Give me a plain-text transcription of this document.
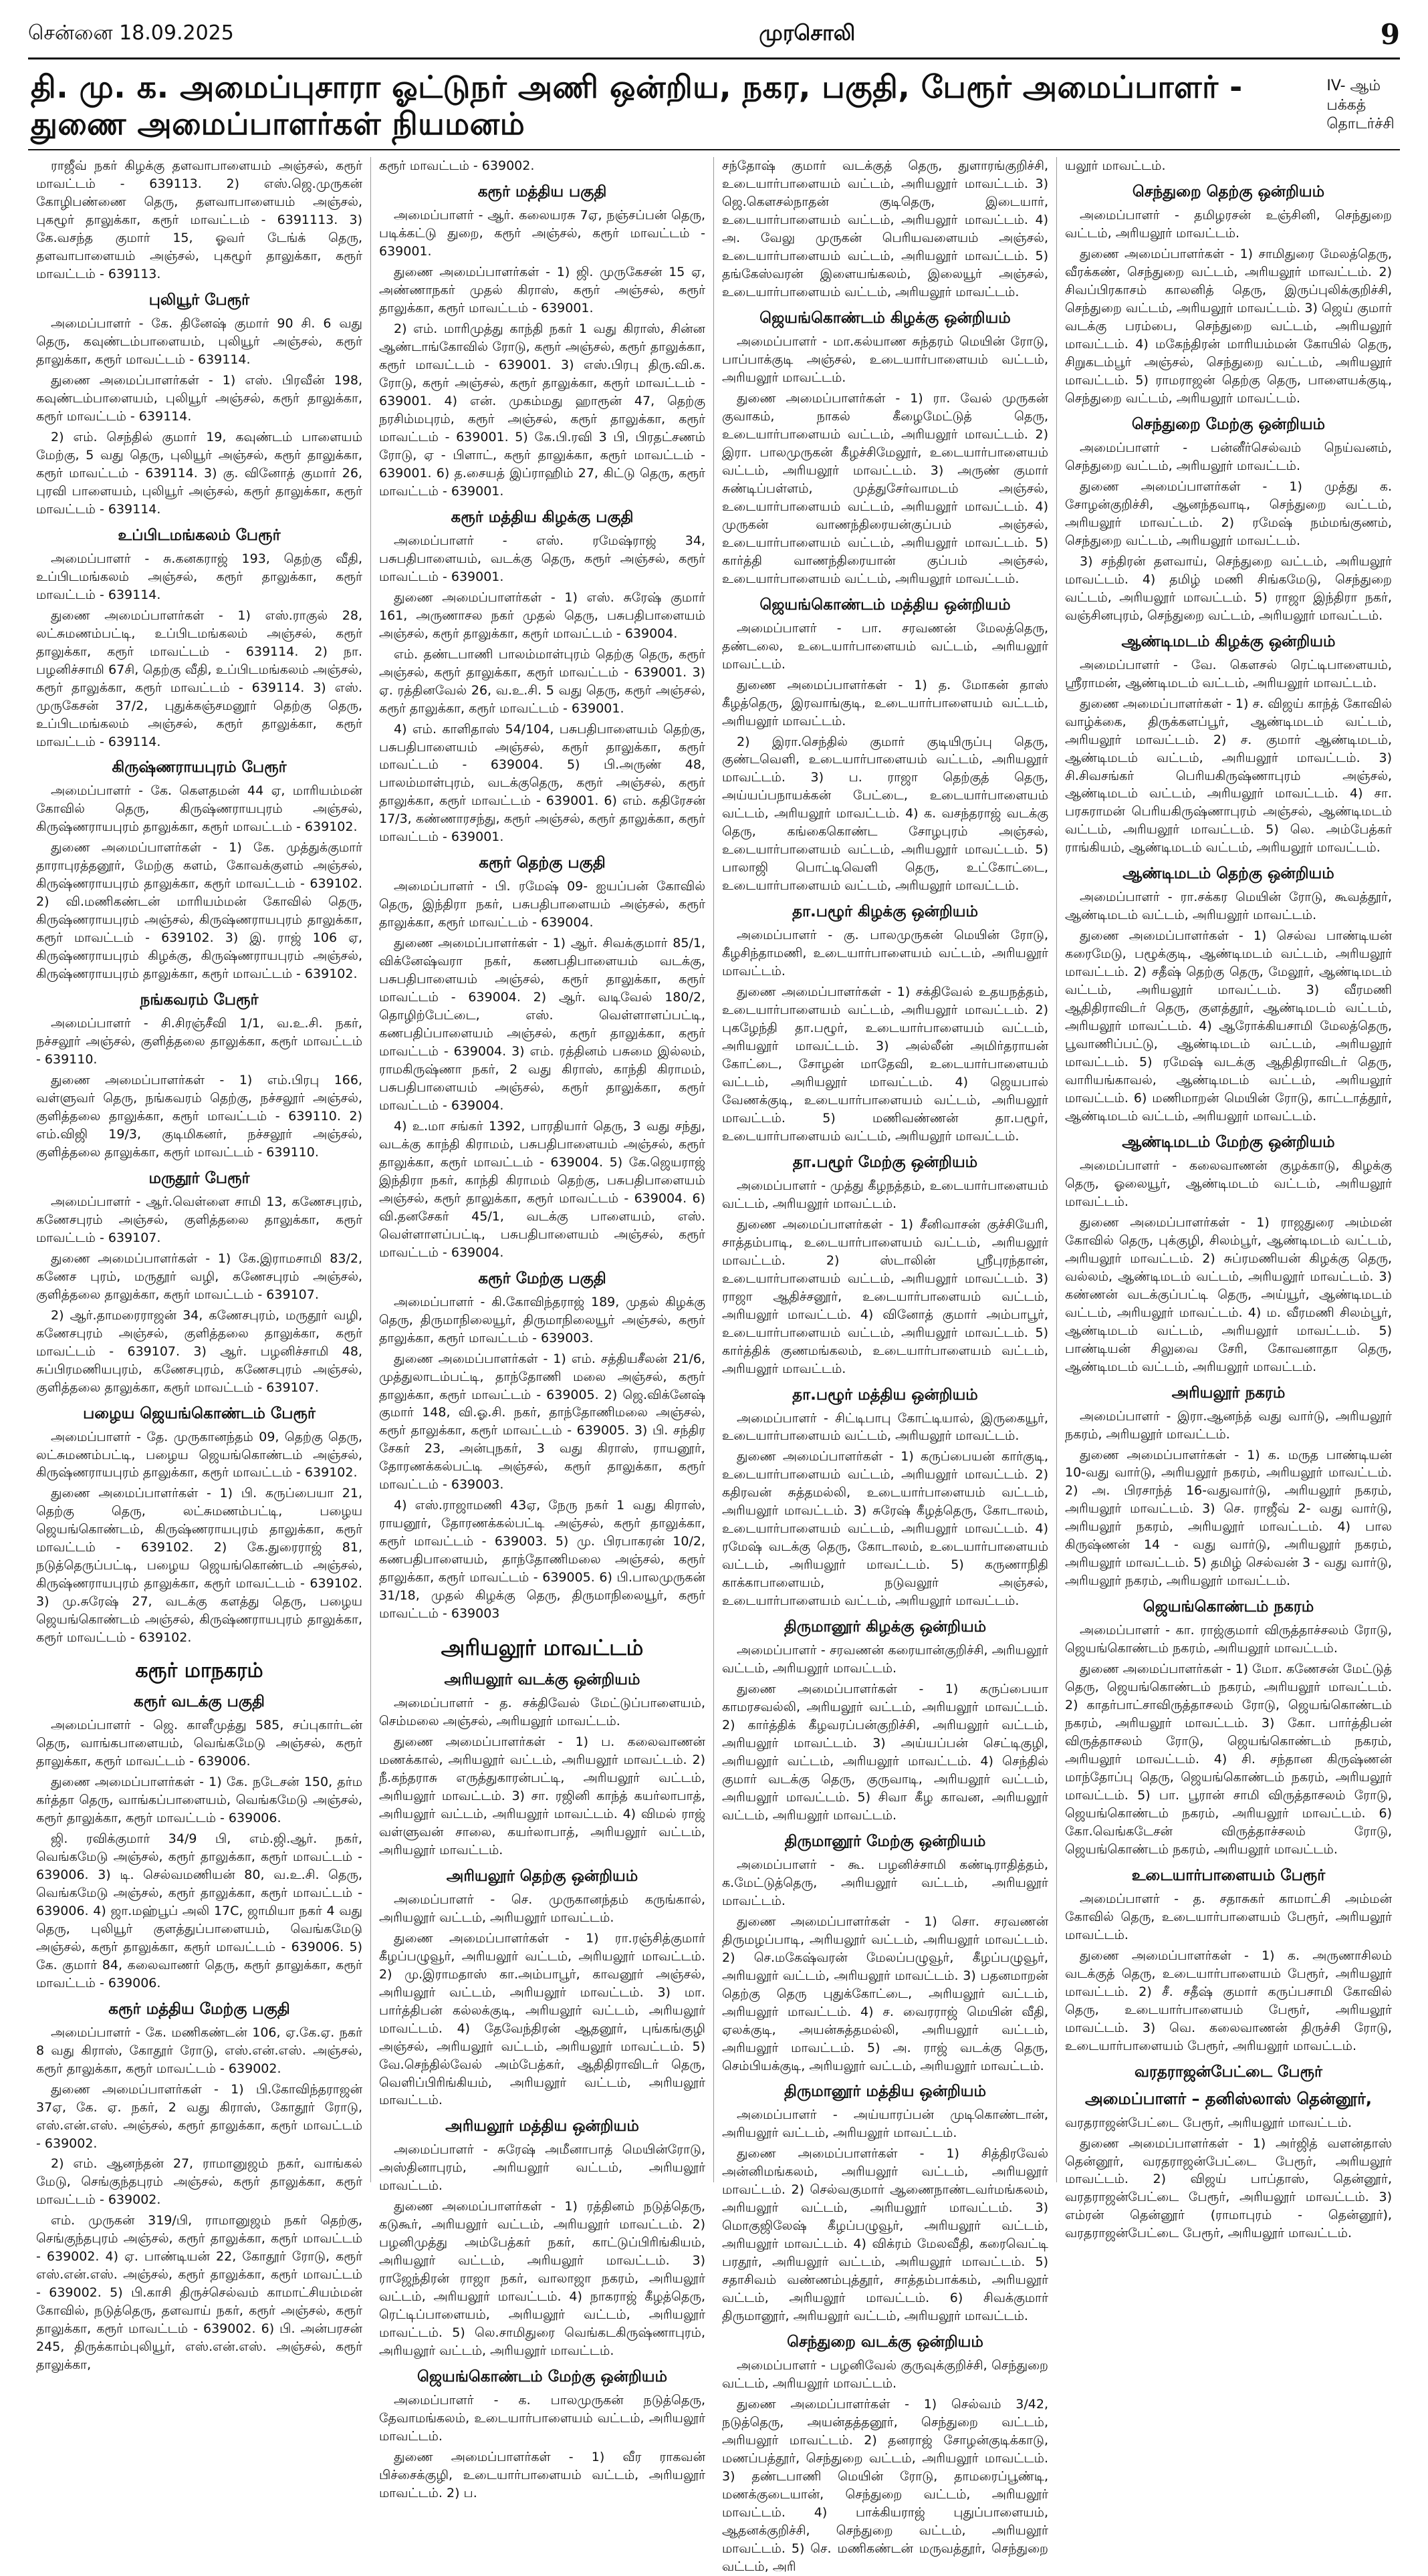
சென்னை 18.09.2025	முரசொலி	9
தி. மு. க. அமைப்புசாரா ஓட்டுநர் அணி ஒன்றிய, நகர, பகுதி, பேரூர் அமைப்பாளர் - துணை அமைப்பாளர்கள் நியமனம்
IV- ஆம் பக்கத் தொடர்ச்சி

ராஜீவ் நகர் கிழக்கு தளவாபாளையம் அஞ்சல், கரூர் மாவட்டம் - 639113. 2) எஸ்.ஜெ.முருகன் கோழிபண்ணை தெரு, தளவாபாளையம் அஞ்சல், புகழூர் தாலுக்கா, கரூர் மாவட்டம் - 6391113. 3) கே.வசந்த குமார் 15, ஓவர் டேங்க் தெரு, தளவாபாளையம் அஞ்சல், புகழூர் தாலுக்கா, கரூர் மாவட்டம் - 639113.

புலியூர் பேரூர்

அமைப்பாளர் - கே. தினேஷ் குமார் 90 சி. 6 வது தெரு, கவுண்டம்பாளையம், புலியூர் அஞ்சல், கரூர் தாலுக்கா, கரூர் மாவட்டம் - 639114.

துணை அமைப்பாளர்கள் - 1) எஸ். பிரவீன் 198, கவுண்டம்பாளையம், புலியூர் அஞ்சல், கரூர் தாலுக்கா, கரூர் மாவட்டம் - 639114.

2) எம். செந்தில் குமார் 19, கவுண்டம் பாளையம் மேற்கு, 5 வது தெரு, புலியூர் அஞ்சல், கரூர் தாலுக்கா, கரூர் மாவட்டம் - 639114. 3) கு. வினோத் குமார் 26, புரவி பாளையம், புலியூர் அஞ்சல், கரூர் தாலுக்கா, கரூர் மாவட்டம் - 639114.

உப்பிடமங்கலம் பேரூர்

அமைப்பாளர் - சு.கனகராஜ் 193, தெற்கு வீதி, உப்பிடமங்கலம் அஞ்சல், கரூர் தாலுக்கா, கரூர் மாவட்டம் - 639114.

துணை அமைப்பாளர்கள் - 1) எஸ்.ராகுல் 28, லட்சுமணம்பட்டி, உப்பிடமங்கலம் அஞ்சல், கரூர் தாலுக்கா, கரூர் மாவட்டம் - 639114. 2) நா. பழனிச்சாமி 67சி, தெற்கு வீதி, உப்பிடமங்கலம் அஞ்சல், கரூர் தாலுக்கா, கரூர் மாவட்டம் - 639114. 3) எஸ். முருகேசன் 37/2, புதுக்கஞ்சமனூர் தெற்கு தெரு, உப்பிடமங்கலம் அஞ்சல், கரூர் தாலுக்கா, கரூர் மாவட்டம் - 639114.

கிருஷ்ணராயபுரம் பேரூர்

அமைப்பாளர் - கே. கௌதமன் 44 ஏ, மாரியம்மன் கோவில் தெரு, கிருஷ்ணராயபுரம் அஞ்சல், கிருஷ்ணராயபுரம் தாலுக்கா, கரூர் மாவட்டம் - 639102.

துணை அமைப்பாளர்கள் - 1) கே. முத்துக்குமார் தாராபுரத்தனூர், மேற்கு களம், கோவக்குளம் அஞ்சல், கிருஷ்ணராயபுரம் தாலுக்கா, கரூர் மாவட்டம் - 639102. 2) வி.மணிகண்டன் மாரியம்மன் கோவில் தெரு, கிருஷ்ணராயபுரம் அஞ்சல், கிருஷ்ணராயபுரம் தாலுக்கா, கரூர் மாவட்டம் - 639102. 3) இ. ராஜ் 106 ஏ, கிருஷ்ணராயபுரம் கிழக்கு, கிருஷ்ணராயபுரம் அஞ்சல், கிருஷ்ணராயபுரம் தாலுக்கா, கரூர் மாவட்டம் - 639102.

நங்கவரம் பேரூர்

அமைப்பாளர் - சி.சிரஞ்சீவி 1/1, வ.உ.சி. நகர், நச்சலூர் அஞ்சல், குளித்தலை தாலுக்கா, கரூர் மாவட்டம் - 639110.

துணை அமைப்பாளர்கள் - 1) எம்.பிரபு 166, வள்ளுவர் தெரு, நங்கவரம் தெற்கு, நச்சலூர் அஞ்சல், குளித்தலை தாலுக்கா, கரூர் மாவட்டம் - 639110. 2) எம்.விஜி 19/3, குடிமிகனர், நச்சலூர் அஞ்சல், குளித்தலை தாலுக்கா, கரூர் மாவட்டம் - 639110.

மருதூர் பேரூர்

அமைப்பாளர் - ஆர்.வெள்ளை சாமி 13, கணேசபுரம், கணேசபுரம் அஞ்சல், குளித்தலை தாலுக்கா, கரூர் மாவட்டம் - 639107.

துணை அமைப்பாளர்கள் - 1) கே.இராமசாமி 83/2, கணேச புரம், மருதூர் வழி, கணேசபுரம் அஞ்சல், குளித்தலை தாலுக்கா, கரூர் மாவட்டம் - 639107.

2) ஆர்.தாமரைராஜன் 34, கணேசபுரம், மருதூர் வழி, கணேசபுரம் அஞ்சல், குளித்தலை தாலுக்கா, கரூர் மாவட்டம் - 639107. 3) ஆர். பழனிச்சாமி 48, சுப்பிரமணியபுரம், கணேசபுரம், கணேசபுரம் அஞ்சல், குளித்தலை தாலுக்கா, கரூர் மாவட்டம் - 639107.

பழைய ஜெயங்கொண்டம் பேரூர்

அமைப்பாளர் - தே. முருகானந்தம் 09, தெற்கு தெரு, லட்சுமணம்பட்டி, பழைய ஜெயங்கொண்டம் அஞ்சல், கிருஷ்ணராயபுரம் தாலுக்கா, கரூர் மாவட்டம் - 639102.

துணை அமைப்பாளர்கள் - 1) பி. கருப்பையா 21, தெற்கு தெரு, லட்சுமணம்பட்டி, பழைய ஜெயங்கொண்டம், கிருஷ்ணராயபுரம் தாலுக்கா, கரூர் மாவட்டம் - 639102. 2) கே.துரைராஜ் 81, நடுத்தெருப்பட்டி, பழைய ஜெயங்கொண்டம் அஞ்சல், கிருஷ்ணராயபுரம் தாலுக்கா, கரூர் மாவட்டம் - 639102. 3) மு.சுரேஷ் 27, வடக்கு களத்து தெரு, பழைய ஜெயங்கொண்டம் அஞ்சல், கிருஷ்ணராயபுரம் தாலுக்கா, கரூர் மாவட்டம் - 639102.

கரூர் மாநகரம்
கரூர் வடக்கு பகுதி

அமைப்பாளர் - ஜெ. காளீமுத்து 585, சப்புகார்டன் தெரு, வாங்கபாளையம், வெங்கமேடு அஞ்சல், கரூர் தாலுக்கா, கரூர் மாவட்டம் - 639006.

துணை அமைப்பாளர்கள் - 1) கே. நடேசன் 150, தர்ம கர்த்தா தெரு, வாங்கப்பாளையம், வெங்கமேடு அஞ்சல், கரூர் தாலுக்கா, கரூர் மாவட்டம் - 639006.

ஜி. ரவிக்குமார் 34/9 பி, எம்.ஜி.ஆர். நகர், வெங்கமேடு அஞ்சல், கரூர் தாலுக்கா, கரூர் மாவட்டம் - 639006. 3) டி. செல்வமணியன் 80, வ.உ.சி. தெரு, வெங்கமேடு அஞ்சல், கரூர் தாலுக்கா, கரூர் மாவட்டம் - 639006. 4) ஜா.மஹ்பூப் அலி 17C, ஜாமியா நகர் 4 வது தெரு, புலியூர் குளத்துப்பாளையம், வெங்கமேடு அஞ்சல், கரூர் தாலுக்கா, கரூர் மாவட்டம் - 639006. 5) கே. குமார் 84, கலைவாணர் தெரு, கரூர் தாலுக்கா, கரூர் மாவட்டம் - 639006.

கரூர் மத்திய மேற்கு பகுதி

அமைப்பாளர் - கே. மணிகண்டன் 106, ஏ.கே.ஏ. நகர் 8 வது கிராஸ், கோதூர் ரோடு, எஸ்.என்.எஸ். அஞ்சல், கரூர் தாலுக்கா, கரூர் மாவட்டம் - 639002.

துணை அமைப்பாளர்கள் - 1) பி.கோவிந்தராஜன் 37ஏ, கே. ஏ. நகர், 2 வது கிராஸ், கோதூர் ரோடு, எஸ்.என்.எஸ். அஞ்சல், கரூர் தாலுக்கா, கரூர் மாவட்டம் - 639002.

2) எம். ஆனந்தன் 27, ராமானுஜம் நகர், வாங்கல் மேடு, செங்குந்தபுரம் அஞ்சல், கரூர் தாலுக்கா, கரூர் மாவட்டம் - 639002.

எம். முருகன் 319/பி, ராமானுஜம் நகர் தெற்கு, செங்குந்தபுரம் அஞ்சல், கரூர் தாலுக்கா, கரூர் மாவட்டம் - 639002. 4) ஏ. பாண்டியன் 22, கோதூர் ரோடு, கரூர் எஸ்.என்.எஸ். அஞ்சல், கரூர் தாலுக்கா, கரூர் மாவட்டம் - 639002. 5) பி.காசி திருச்செல்வம் காமாட்சியம்மன் கோவில், நடுத்தெரு, தளவாய் நகர், கரூர் அஞ்சல், கரூர் தாலுக்கா, கரூர் மாவட்டம் - 639002. 6) பி. அன்பரசன் 245, திருக்காம்புலியூர், எஸ்.என்.எஸ். அஞ்சல், கரூர் தாலுக்கா,

கரூர் மாவட்டம் - 639002.

கரூர் மத்திய பகுதி

அமைப்பாளர் - ஆர். கலையரசு 7ஏ, நஞ்சப்பன் தெரு, படிக்கட்டு துறை, கரூர் அஞ்சல், கரூர் மாவட்டம் - 639001.

துணை அமைப்பாளர்கள் - 1) ஜி. முருகேசன் 15 ஏ, அண்ணாநகர் முதல் கிராஸ், கரூர் அஞ்சல், கரூர் தாலுக்கா, கரூர் மாவட்டம் - 639001.

2) எம். மாரிமுத்து காந்தி நகர் 1 வது கிராஸ், சின்ன ஆண்டாங்கோவில் ரோடு, கரூர் அஞ்சல், கரூர் தாலுக்கா, கரூர் மாவட்டம் - 639001. 3) எஸ்.பிரபு திரு.வி.க. ரோடு, கரூர் அஞ்சல், கரூர் தாலுக்கா, கரூர் மாவட்டம் - 639001. 4) என். முகம்மது ஹாரூன் 47, தெற்கு நரசிம்மபுரம், கரூர் அஞ்சல், கரூர் தாலுக்கா, கரூர் மாவட்டம் - 639001. 5) கே.பி.ரவி 3 பி, பிரதட்சணம் ரோடு, ஏ - பிளாட், கரூர் தாலுக்கா, கரூர் மாவட்டம் - 639001. 6) த.சையத் இப்ராஹிம் 27, கிட்டு தெரு, கரூர் மாவட்டம் - 639001.

கரூர் மத்திய கிழக்கு பகுதி

அமைப்பாளர் - எஸ். ரமேஷ்ராஜ் 34, பசுபதிபாளையம், வடக்கு தெரு, கரூர் அஞ்சல், கரூர் மாவட்டம் - 639001.

துணை அமைப்பாளர்கள் - 1) எஸ். சுரேஷ் குமார் 161, அருணாசல நகர் முதல் தெரு, பசுபதிபாளையம் அஞ்சல், கரூர் தாலுக்கா, கரூர் மாவட்டம் - 639004.

எம். தண்டபாணி பாலம்மாள்புரம் தெற்கு தெரு, கரூர் அஞ்சல், கரூர் தாலுக்கா, கரூர் மாவட்டம் - 639001. 3) ஏ. ரத்தினவேல் 26, வ.உ.சி. 5 வது தெரு, கரூர் அஞ்சல், கரூர் தாலுக்கா, கரூர் மாவட்டம் - 639001.

4) எம். காளிதாஸ் 54/104, பசுபதிபாளையம் தெற்கு, பசுபதிபாளையம் அஞ்சல், கரூர் தாலுக்கா, கரூர் மாவட்டம் - 639004. 5) பி.அருண் 48, பாலம்மாள்புரம், வடக்குதெரு, கரூர் அஞ்சல், கரூர் தாலுக்கா, கரூர் மாவட்டம் - 639001. 6) எம். கதிரேசன் 17/3, கண்ணாரசந்து, கரூர் அஞ்சல், கரூர் தாலுக்கா, கரூர் மாவட்டம் - 639001.

கரூர் தெற்கு பகுதி

அமைப்பாளர் - பி. ரமேஷ் 09- ஐயப்பன் கோவில் தெரு, இந்திரா நகர், பசுபதிபாளையம் அஞ்சல், கரூர் தாலுக்கா, கரூர் மாவட்டம் - 639004.

துணை அமைப்பாளர்கள் - 1) ஆர். சிவக்குமார் 85/1, விக்னேஷ்வரா நகர், கணபதிபாளையம் வடக்கு, பசுபதிபாளையம் அஞ்சல், கரூர் தாலுக்கா, கரூர் மாவட்டம் - 639004. 2) ஆர். வடிவேல் 180/2, தொழிற்பேட்டை, எஸ். வெள்ளாளப்பட்டி, கணபதிப்பாளையம் அஞ்சல், கரூர் தாலுக்கா, கரூர் மாவட்டம் - 639004. 3) எம். ரத்தினம் பசுமை இல்லம், ராமகிருஷ்ணா நகர், 2 வது கிராஸ், காந்தி கிராமம், பசுபதிபாளையம் அஞ்சல், கரூர் தாலுக்கா, கரூர் மாவட்டம் - 639004.

4) உ.மா சங்கர் 1392, பாரதியார் தெரு, 3 வது சந்து, வடக்கு காந்தி கிராமம், பசுபதிபாளையம் அஞ்சல், கரூர் தாலுக்கா, கரூர் மாவட்டம் - 639004. 5) கே.ஜெயராஜ் இந்திரா நகர், காந்தி கிராமம் தெற்கு, பசுபதிபாளையம் அஞ்சல், கரூர் தாலுக்கா, கரூர் மாவட்டம் - 639004. 6) வி.தனசேகர் 45/1, வடக்கு பாளையம், எஸ். வெள்ளாளப்பட்டி, பசுபதிபாளையம் அஞ்சல், கரூர் மாவட்டம் - 639004.

கரூர் மேற்கு பகுதி

அமைப்பாளர் - கி.கோவிந்தராஜ் 189, முதல் கிழக்கு தெரு, திருமாநிலையூர், திருமாநிலையூர் அஞ்சல், கரூர் தாலுக்கா, கரூர் மாவட்டம் - 639003.

துணை அமைப்பாளர்கள் - 1) எம். சத்தியசீலன் 21/6, முத்துலாடம்பட்டி, தாந்தோணி மலை அஞ்சல், கரூர் தாலுக்கா, கரூர் மாவட்டம் - 639005. 2) ஜெ.விக்னேஷ் குமார் 148, வி.ஓ.சி. நகர், தாந்தோணிமலை அஞ்சல், கரூர் தாலுக்கா, கரூர் மாவட்டம் - 639005. 3) பி. சந்திர சேகர் 23, அன்புநகர், 3 வது கிராஸ், ராயனூர், தோரணக்கல்பட்டி அஞ்சல், கரூர் தாலுக்கா, கரூர் மாவட்டம் - 639003.

4) எஸ்.ராஜாமணி 43ஏ, நேரு நகர் 1 வது கிராஸ், ராயனூர், தோரணக்கல்பட்டி அஞ்சல், கரூர் தாலுக்கா, கரூர் மாவட்டம் - 639003. 5) மு. பிரபாகரன் 10/2, கணபதிபாளையம், தாந்தோணிமலை அஞ்சல், கரூர் தாலுக்கா, கரூர் மாவட்டம் - 639005. 6) பி.பாலமுருகன் 31/18, முதல் கிழக்கு தெரு, திருமாநிலையூர், கரூர் மாவட்டம் - 639003

அரியலூர் மாவட்டம்
அரியலூர் வடக்கு ஒன்றியம்

அமைப்பாளர் - த. சக்திவேல் மேட்டுப்பாளையம், செம்மலை அஞ்சல், அரியலூர் மாவட்டம்.

துணை அமைப்பாளர்கள் - 1) ப. கலைவாணன் மணக்கால், அரியலூர் வட்டம், அரியலூர் மாவட்டம். 2) நீ.கந்தராசு எருத்துகாரன்பட்டி, அரியலூர் வட்டம், அரியலூர் மாவட்டம். 3) சா. ரஜினி காந்த் கயர்லாபாத், அரியலூர் வட்டம், அரியலூர் மாவட்டம். 4) விமல் ராஜ் வள்ளுவன் சாலை, கயர்லாபாத், அரியலூர் வட்டம், அரியலூர் மாவட்டம்.

அரியலூர் தெற்கு ஒன்றியம்

அமைப்பாளர் - செ. முருகானந்தம் கருங்கால், அரியலூர் வட்டம், அரியலூர் மாவட்டம்.

துணை அமைப்பாளர்கள் - 1) ரா.ரஞ்சித்குமார் கீழப்பழுவூர், அரியலூர் வட்டம், அரியலூர் மாவட்டம். 2) மு.இராமதாஸ் கா.அம்பாபூர், காவனூர் அஞ்சல், அரியலூர் வட்டம், அரியலூர் மாவட்டம். 3) மா. பார்த்திபன் கல்லக்குடி, அரியலூர் வட்டம், அரியலூர் மாவட்டம். 4) தேவேந்திரன் ஆதனூர், புங்கங்குழி அஞ்சல், அரியலூர் வட்டம், அரியலூர் மாவட்டம். 5) வே.செந்தில்வேல் அம்பேத்கர், ஆதிதிராவிடர் தெரு, வெளிப்பிரிங்கியம், அரியலூர் வட்டம், அரியலூர் மாவட்டம்.

அரியலூர் மத்திய ஒன்றியம்

அமைப்பாளர் - சுரேஷ் அமீனாபாத் மெயின்ரோடு, அஸ்தினாபுரம், அரியலூர் வட்டம், அரியலூர் மாவட்டம்.

துணை அமைப்பாளர்கள் - 1) ரத்தினம் நடுத்தெரு, கடுகூர், அரியலூர் வட்டம், அரியலூர் மாவட்டம். 2) பழனிமுத்து அம்பேத்கர் நகர், காட்டுப்பிரிங்கியம், அரியலூர் வட்டம், அரியலூர் மாவட்டம். 3) ராஜேந்திரன் ராஜா நகர், வாலாஜா நகரம், அரியலூர் வட்டம், அரியலூர் மாவட்டம். 4) நாகராஜ் கீழத்தெரு, ரெட்டிப்பாளையம், அரியலூர் வட்டம், அரியலூர் மாவட்டம். 5) லெ.சாமிதுரை வெங்கடகிருஷ்ணாபுரம், அரியலூர் வட்டம், அரியலூர் மாவட்டம்.

ஜெயங்கொண்டம் மேற்கு ஒன்றியம்

அமைப்பாளர் - க. பாலமுருகன் நடுத்தெரு, தேவாமங்கலம், உடையார்பாளையம் வட்டம், அரியலூர் மாவட்டம்.

துணை அமைப்பாளர்கள் - 1) வீர ராகவன் பிச்சைக்குழி, உடையார்பாளையம் வட்டம், அரியலூர் மாவட்டம். 2) ப.

சந்தோஷ் குமார் வடக்குத் தெரு, துளாரங்குறிச்சி, உடையார்பாளையம் வட்டம், அரியலூர் மாவட்டம். 3) ஜெ.கௌசல்நாதன் குடிதெரு, இடையார், உடையார்பாளையம் வட்டம், அரியலூர் மாவட்டம். 4) அ. வேலு முருகன் பெரியவளையம் அஞ்சல், உடையார்பாளையம் வட்டம், அரியலூர் மாவட்டம். 5) தங்கேஸ்வரன் இளையங்கலம், இலையூர் அஞ்சல், உடையார்பாளையம் வட்டம், அரியலூர் மாவட்டம்.

ஜெயங்கொண்டம் கிழக்கு ஒன்றியம்

அமைப்பாளர் - மா.கல்யாண சுந்தரம் மெயின் ரோடு, பாப்பாக்குடி அஞ்சல், உடையார்பாளையம் வட்டம், அரியலூர் மாவட்டம்.

துணை அமைப்பாளர்கள் - 1) ரா. வேல் முருகன் குவாகம், நாகல் கீழைமேட்டுத் தெரு, உடையார்பாளையம் வட்டம், அரியலூர் மாவட்டம். 2) இரா. பாலமுருகன் கீழச்சிமேலூர், உடையார்பாளையம் வட்டம், அரியலூர் மாவட்டம். 3) அருண் குமார் சுண்டிப்பள்ளம், முத்துசேர்வாமடம் அஞ்சல், உடையார்பாளையம் வட்டம், அரியலூர் மாவட்டம். 4) முருகன் வாணந்திரையன்குப்பம் அஞ்சல், உடையார்பாளையம் வட்டம், அரியலூர் மாவட்டம். 5) கார்த்தி வாணந்திரையான் குப்பம் அஞ்சல், உடையார்பாளையம் வட்டம், அரியலூர் மாவட்டம்.

ஜெயங்கொண்டம் மத்திய ஒன்றியம்

அமைப்பாளர் - பா. சரவணன் மேலத்தெரு, தண்டலை, உடையார்பாளையம் வட்டம், அரியலூர் மாவட்டம்.

துணை அமைப்பாளர்கள் - 1) த. மோகன் தாஸ் கீழத்தெரு, இரவாங்குடி, உடையார்பாளையம் வட்டம், அரியலூர் மாவட்டம்.

2) இரா.செந்தில் குமார் குடியிருப்பு தெரு, குண்டவெளி, உடையார்பாளையம் வட்டம், அரியலூர் மாவட்டம். 3) ப. ராஜா தெற்குத் தெரு, அய்யப்பநாயக்கன் பேட்டை, உடையார்பாளையம் வட்டம், அரியலூர் மாவட்டம். 4) க. வசந்தராஜ் வடக்கு தெரு, கங்கைகொண்ட சோழபுரம் அஞ்சல், உடையார்பாளையம் வட்டம், அரியலூர் மாவட்டம். 5) பாலாஜி பொட்டிவெளி தெரு, உட்கோட்டை, உடையார்பாளையம் வட்டம், அரியலூர் மாவட்டம்.

தா.பழூர் கிழக்கு ஒன்றியம்

அமைப்பாளர் - கு. பாலமுருகன் மெயின் ரோடு, கீழசிந்தாமணி, உடையார்பாளையம் வட்டம், அரியலூர் மாவட்டம்.

துணை அமைப்பாளர்கள் - 1) சக்திவேல் உதயநத்தம், உடையார்பாளையம் வட்டம், அரியலூர் மாவட்டம். 2) புகழேந்தி தா.பழூர், உடையார்பாளையம் வட்டம், அரியலூர் மாவட்டம். 3) அல்லீன் அமிர்தராயன் கோட்டை, சோழன் மாதேவி, உடையார்பாளையம் வட்டம், அரியலூர் மாவட்டம். 4) ஜெயபால் வேணக்குடி, உடையார்பாளையம் வட்டம், அரியலூர் மாவட்டம். 5) மணிவண்ணன் தா.பழூர், உடையார்பாளையம் வட்டம், அரியலூர் மாவட்டம்.

தா.பழூர் மேற்கு ஒன்றியம்

அமைப்பாளர் - முத்து கீழநத்தம், உடையார்பாளையம் வட்டம், அரியலூர் மாவட்டம்.

துணை அமைப்பாளர்கள் - 1) சீனிவாசன் குச்சியேரி, சாத்தம்பாடி, உடையார்பாளையம் வட்டம், அரியலூர் மாவட்டம். 2) ஸ்டாலின் ஸ்ரீபுரந்தான், உடையார்பாளையம் வட்டம், அரியலூர் மாவட்டம். 3) ராஜா ஆதிச்சனூர், உடையார்பாளையம் வட்டம், அரியலூர் மாவட்டம். 4) வினோத் குமார் அம்பாபூர், உடையார்பாளையம் வட்டம், அரியலூர் மாவட்டம். 5) கார்த்திக் குணமங்கலம், உடையார்பாளையம் வட்டம், அரியலூர் மாவட்டம்.

தா.பழூர் மத்திய ஒன்றியம்

அமைப்பாளர் - சிட்டிபாபு கோட்டியால், இருகையூர், உடையார்பாளையம் வட்டம், அரியலூர் மாவட்டம்.

துணை அமைப்பாளர்கள் - 1) கருப்பையன் கார்குடி, உடையார்பாளையம் வட்டம், அரியலூர் மாவட்டம். 2) கதிரவன் சுத்தமல்லி, உடையார்பாளையம் வட்டம், அரியலூர் மாவட்டம். 3) சுரேஷ் கீழத்தெரு, கோடாலம், உடையார்பாளையம் வட்டம், அரியலூர் மாவட்டம். 4) ரமேஷ் வடக்கு தெரு, கோடாலம், உடையார்பாளையம் வட்டம், அரியலூர் மாவட்டம். 5) கருணாநிதி காக்காபாளையம், நடுவலூர் அஞ்சல், உடையார்பாளையம் வட்டம், அரியலூர் மாவட்டம்.

திருமானூர் கிழக்கு ஒன்றியம்

அமைப்பாளர் - சரவணன் கரையான்குறிச்சி, அரியலூர் வட்டம், அரியலூர் மாவட்டம்.

துணை அமைப்பாளர்கள் - 1) கருப்பையா காமரசவல்லி, அரியலூர் வட்டம், அரியலூர் மாவட்டம். 2) கார்த்திக் கீழவரப்பன்குறிச்சி, அரியலூர் வட்டம், அரியலூர் மாவட்டம். 3) அய்யப்பன் செட்டிகுழி, அரியலூர் வட்டம், அரியலூர் மாவட்டம். 4) செந்தில் குமார் வடக்கு தெரு, குருவாடி, அரியலூர் வட்டம், அரியலூர் மாவட்டம். 5) சிவா கீழ காவன, அரியலூர் வட்டம், அரியலூர் மாவட்டம்.

திருமானூர் மேற்கு ஒன்றியம்

அமைப்பாளர் - கூ. பழனிச்சாமி கண்டிராதித்தம், க.மேட்டுத்தெரு, அரியலூர் வட்டம், அரியலூர் மாவட்டம்.

துணை அமைப்பாளர்கள் - 1) சொ. சரவணன் திருமழப்பாடி, அரியலூர் வட்டம், அரியலூர் மாவட்டம். 2) செ.மகேஷ்வரன் மேலப்பழுவூர், கீழப்பழுவூர், அரியலூர் வட்டம், அரியலூர் மாவட்டம். 3) பதனமாறன் தெற்கு தெரு புதுக்கோட்டை, அரியலூர் வட்டம், அரியலூர் மாவட்டம். 4) ச. வைரராஜ் மெயின் வீதி, ஏலக்குடி, அயன்சுத்தமல்லி, அரியலூர் வட்டம், அரியலூர் மாவட்டம். 5) அ. ராஜ் வடக்கு தெரு, செம்பியக்குடி, அரியலூர் வட்டம், அரியலூர் மாவட்டம்.

திருமானூர் மத்திய ஒன்றியம்

அமைப்பாளர் - அய்யாரப்பன் முடிகொண்டான், அரியலூர் வட்டம், அரியலூர் மாவட்டம்.

துணை அமைப்பாளர்கள் - 1) சித்திரவேல் அன்னிமங்கலம், அரியலூர் வட்டம், அரியலூர் மாவட்டம். 2) செல்வகுமார் ஆணைநாண்டவர்மங்கலம், அரியலூர் வட்டம், அரியலூர் மாவட்டம். 3) மொகுஜிலேஷ் கீழப்பழுவூர், அரியலூர் வட்டம், அரியலூர் மாவட்டம். 4) விக்ரம் மேலவீதி, கரைவெட்டி பரதூர், அரியலூர் வட்டம், அரியலூர் மாவட்டம். 5) சதாசிவம் வண்ணம்புத்தூர், சாத்தம்பாக்கம், அரியலூர் வட்டம், அரியலூர் மாவட்டம். 6) சிவக்குமார் திருமானூர், அரியலூர் வட்டம், அரியலூர் மாவட்டம்.

செந்துறை வடக்கு ஒன்றியம்

அமைப்பாளர் - பழனிவேல் குருவுக்குறிச்சி, செந்துறை வட்டம், அரியலூர் மாவட்டம்.

துணை அமைப்பாளர்கள் - 1) செல்வம் 3/42, நடுத்தெரு, அயன்தத்தனூர், செந்துறை வட்டம், அரியலூர் மாவட்டம். 2) தனராஜ் சோழன்குடிக்காடு, மணப்பத்தூர், செந்துறை வட்டம், அரியலூர் மாவட்டம். 3) தண்டபாணி மெயின் ரோடு, தாமரைப்பூண்டி, மணக்குடையான், செந்துறை வட்டம், அரியலூர் மாவட்டம். 4) பாக்கியராஜ் புதுப்பாளையம், ஆதனக்குறிச்சி, செந்துறை வட்டம், அரியலூர் மாவட்டம். 5) செ. மணிகண்டன் மருவத்தூர், செந்துறை வட்டம், அரி

யலூர் மாவட்டம்.

செந்துறை தெற்கு ஒன்றியம்

அமைப்பாளர் - தமிழரசன் உஞ்சினி, செந்துறை வட்டம், அரியலூர் மாவட்டம்.

துணை அமைப்பாளர்கள் - 1) சாமிதுரை மேலத்தெரு, வீரக்கண், செந்துறை வட்டம், அரியலூர் மாவட்டம். 2) சிவப்பிரகாசம் காலனித் தெரு, இருப்புலிக்குறிச்சி, செந்துறை வட்டம், அரியலூர் மாவட்டம். 3) ஜெய் குமார் வடக்கு பரம்பை, செந்துறை வட்டம், அரியலூர் மாவட்டம். 4) மகேந்திரன் மாரியம்மன் கோயில் தெரு, சிறுகடம்பூர் அஞ்சல், செந்துறை வட்டம், அரியலூர் மாவட்டம். 5) ராமராஜன் தெற்கு தெரு, பாளையக்குடி, செந்துறை வட்டம், அரியலூர் மாவட்டம்.

செந்துறை மேற்கு ஒன்றியம்

அமைப்பாளர் - பன்னீர்செல்வம் நெய்வனம், செந்துறை வட்டம், அரியலூர் மாவட்டம்.

துணை அமைப்பாளர்கள் - 1) முத்து க. சோழன்குறிச்சி, ஆனந்தவாடி, செந்துறை வட்டம், அரியலூர் மாவட்டம். 2) ரமேஷ் நம்மங்குணம், செந்துறை வட்டம், அரியலூர் மாவட்டம்.

3) சந்திரன் தளவாய், செந்துறை வட்டம், அரியலூர் மாவட்டம். 4) தமிழ் மணி சிங்கமேடு, செந்துறை வட்டம், அரியலூர் மாவட்டம். 5) ராஜா இந்திரா நகர், வஞ்சினபுரம், செந்துறை வட்டம், அரியலூர் மாவட்டம்.

ஆண்டிமடம் கிழக்கு ஒன்றியம்

அமைப்பாளர் - வே. கௌசல் ரெட்டிபாளையம், ஸ்ரீராமன், ஆண்டிமடம் வட்டம், அரியலூர் மாவட்டம்.

துணை அமைப்பாளர்கள் - 1) ச. விஜய் காந்த் கோவில் வாழ்க்கை, திருக்களப்பூர், ஆண்டிமடம் வட்டம், அரியலூர் மாவட்டம். 2) ச. குமார் ஆண்டிமடம், ஆண்டிமடம் வட்டம், அரியலூர் மாவட்டம். 3) சி.சிவசங்கர் பெரியகிருஷ்ணாபுரம் அஞ்சல், ஆண்டிமடம் வட்டம், அரியலூர் மாவட்டம். 4) சா. பரசுராமன் பெரியகிருஷ்ணாபுரம் அஞ்சல், ஆண்டிமடம் வட்டம், அரியலூர் மாவட்டம். 5) லெ. அம்பேத்கர் ராங்கியம், ஆண்டிமடம் வட்டம், அரியலூர் மாவட்டம்.

ஆண்டிமடம் தெற்கு ஒன்றியம்

அமைப்பாளர் - ரா.சக்கர மெயின் ரோடு, கூவத்தூர், ஆண்டிமடம் வட்டம், அரியலூர் மாவட்டம்.

துணை அமைப்பாளர்கள் - 1) செல்வ பாண்டியன் கரைமேடு, பழூக்குடி, ஆண்டிமடம் வட்டம், அரியலூர் மாவட்டம். 2) சதீஷ் தெற்கு தெரு, மேலூர், ஆண்டிமடம் வட்டம், அரியலூர் மாவட்டம். 3) வீரமணி ஆதிதிராவிடர் தெரு, குளத்தூர், ஆண்டிமடம் வட்டம், அரியலூர் மாவட்டம். 4) ஆரோக்கியசாமி மேலத்தெரு, பூவாணிப்பட்டு, ஆண்டிமடம் வட்டம், அரியலூர் மாவட்டம். 5) ரமேஷ் வடக்கு ஆதிதிராவிடர் தெரு, வாரியங்காவல், ஆண்டிமடம் வட்டம், அரியலூர் மாவட்டம். 6) மணிமாறன் மெயின் ரோடு, காட்டாத்தூர், ஆண்டிமடம் வட்டம், அரியலூர் மாவட்டம்.

ஆண்டிமடம் மேற்கு ஒன்றியம்

அமைப்பாளர் - கலைவாணன் குழக்காடு, கிழக்கு தெரு, ஓலையூர், ஆண்டிமடம் வட்டம், அரியலூர் மாவட்டம்.

துணை அமைப்பாளர்கள் - 1) ராஜதுரை அம்மன் கோவில் தெரு, புக்குழி, சிலம்பூர், ஆண்டிமடம் வட்டம், அரியலூர் மாவட்டம். 2) சுப்ரமணியன் கிழக்கு தெரு, வல்லம், ஆண்டிமடம் வட்டம், அரியலூர் மாவட்டம். 3) கண்ணன் வடக்குப்பட்டி தெரு, அய்யூர், ஆண்டிமடம் வட்டம், அரியலூர் மாவட்டம். 4) ம. வீரமணி சிலம்பூர், ஆண்டிமடம் வட்டம், அரியலூர் மாவட்டம். 5) பாண்டியன் சிலுவை சேரி, கோவனாதா தெரு, ஆண்டிமடம் வட்டம், அரியலூர் மாவட்டம்.

அரியலூர் நகரம்

அமைப்பாளர் - இரா.ஆனந்த் வது வார்டு, அரியலூர் நகரம், அரியலூர் மாவட்டம்.

துணை அமைப்பாளர்கள் - 1) க. மருத பாண்டியன் 10-வது வார்டு, அரியலூர் நகரம், அரியலூர் மாவட்டம். 2) அ. பிரசாந்த் 16-வதுவார்டு, அரியலூர் நகரம், அரியலூர் மாவட்டம். 3) செ. ராஜீவ் 2- வது வார்டு, அரியலூர் நகரம், அரியலூர் மாவட்டம். 4) பால கிருஷ்ணன் 14 - வது வார்டு, அரியலூர் நகரம், அரியலூர் மாவட்டம். 5) தமிழ் செல்வன் 3 - வது வார்டு, அரியலூர் நகரம், அரியலூர் மாவட்டம்.

ஜெயங்கொண்டம் நகரம்

அமைப்பாளர் - கா. ராஜ்குமார் விருத்தாச்சலம் ரோடு, ஜெயங்கொண்டம் நகரம், அரியலூர் மாவட்டம்.

துணை அமைப்பாளர்கள் - 1) மோ. கணேசன் மேட்டுத் தெரு, ஜெயங்கொண்டம் நகரம், அரியலூர் மாவட்டம். 2) காதர்பாட்சாவிருத்தாசலம் ரோடு, ஜெயங்கொண்டம் நகரம், அரியலூர் மாவட்டம். 3) கோ. பார்த்திபன் விருத்தாசலம் ரோடு, ஜெயங்கொண்டம் நகரம், அரியலூர் மாவட்டம். 4) சி. சந்தான கிருஷ்ணன் மாந்தோப்பு தெரு, ஜெயங்கொண்டம் நகரம், அரியலூர் மாவட்டம். 5) பா. பூரான் சாமி விருத்தாசலம் ரோடு, ஜெயங்கொண்டம் நகரம், அரியலூர் மாவட்டம். 6) கோ.வெங்கடேசன் விருத்தாச்சலம் ரோடு, ஜெயங்கொண்டம் நகரம், அரியலூர் மாவட்டம்.

உடையார்பாளையம் பேரூர்

அமைப்பாளர் - த. சதாசுகர் காமாட்சி அம்மன் கோவில் தெரு, உடையார்பாளையம் பேரூர், அரியலூர் மாவட்டம்.

துணை அமைப்பாளர்கள் - 1) க. அருணாசிலம் வடக்குத் தெரு, உடையார்பாளையம் பேரூர், அரியலூர் மாவட்டம். 2) சீ. சதீஷ் குமார் கருப்பசாமி கோவில் தெரு, உடையார்பாளையம் பேரூர், அரியலூர் மாவட்டம். 3) வெ. கலைவாணன் திருச்சி ரோடு, உடையார்பாளையம் பேரூர், அரியலூர் மாவட்டம்.

வரதராஜன்பேட்டை பேரூர்
அமைப்பாளர் – தனிஸ்லாஸ் தென்னூர்,

வரதராஜன்பேட்டை பேரூர், அரியலூர் மாவட்டம்.

துணை அமைப்பாளர்கள் - 1) அர்ஜித் வளன்தாஸ் தென்னூர், வரதராஜன்பேட்டை பேரூர், அரியலூர் மாவட்டம். 2) விஜய் பாப்தாஸ், தென்னூர், வரதராஜன்பேட்டை பேரூர், அரியலூர் மாவட்டம். 3) எம்ரன் தென்னூர் (ராமாபுரம் - தென்னூர்), வரதராஜன்பேட்டை பேரூர், அரியலூர் மாவட்டம்.
